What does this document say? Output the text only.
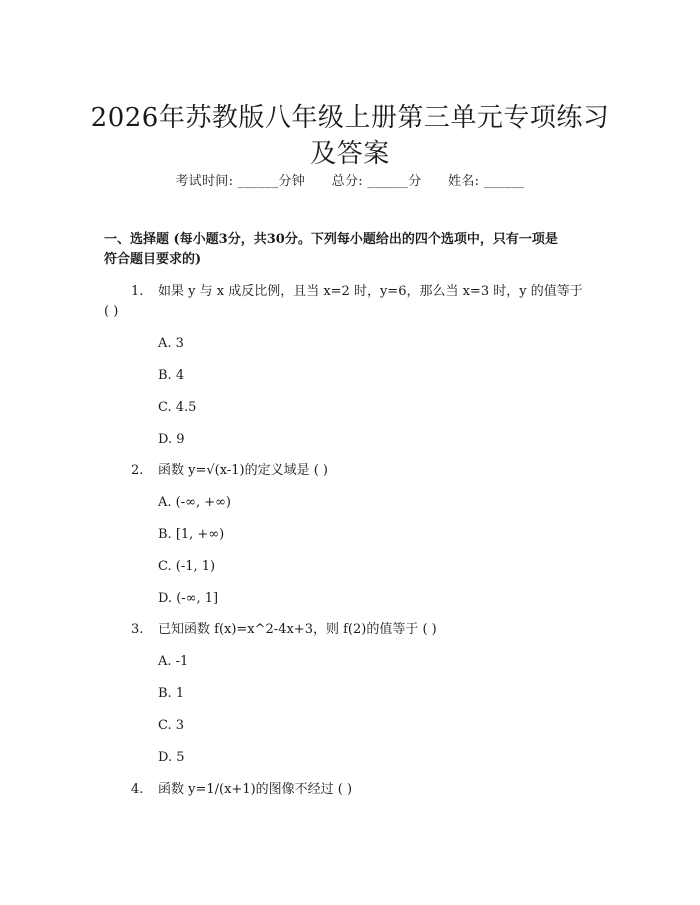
2026年苏教版八年级上册第三单元专项练习
及答案
考试时间: ______分钟      总分: ______分      姓名: ______

一、选择题 (每小题3分，共30分。下列每小题给出的四个选项中，只有一项是

符合题目要求的)

1. 如果 y 与 x 成反比例，且当 x=2 时，y=6，那么当 x=3 时，y 的值等于
( )
A. 3
B. 4
C. 4.5
D. 9
2. 函数 y=√(x-1)的定义域是 ( )
A. (-∞, +∞)
B. [1, +∞)
C. (-1, 1)
D. (-∞, 1]
3. 已知函数 f(x)=x^2-4x+3，则 f(2)的值等于 ( )
A. -1
B. 1
C. 3
D. 5
4. 函数 y=1/(x+1)的图像不经过 ( )
